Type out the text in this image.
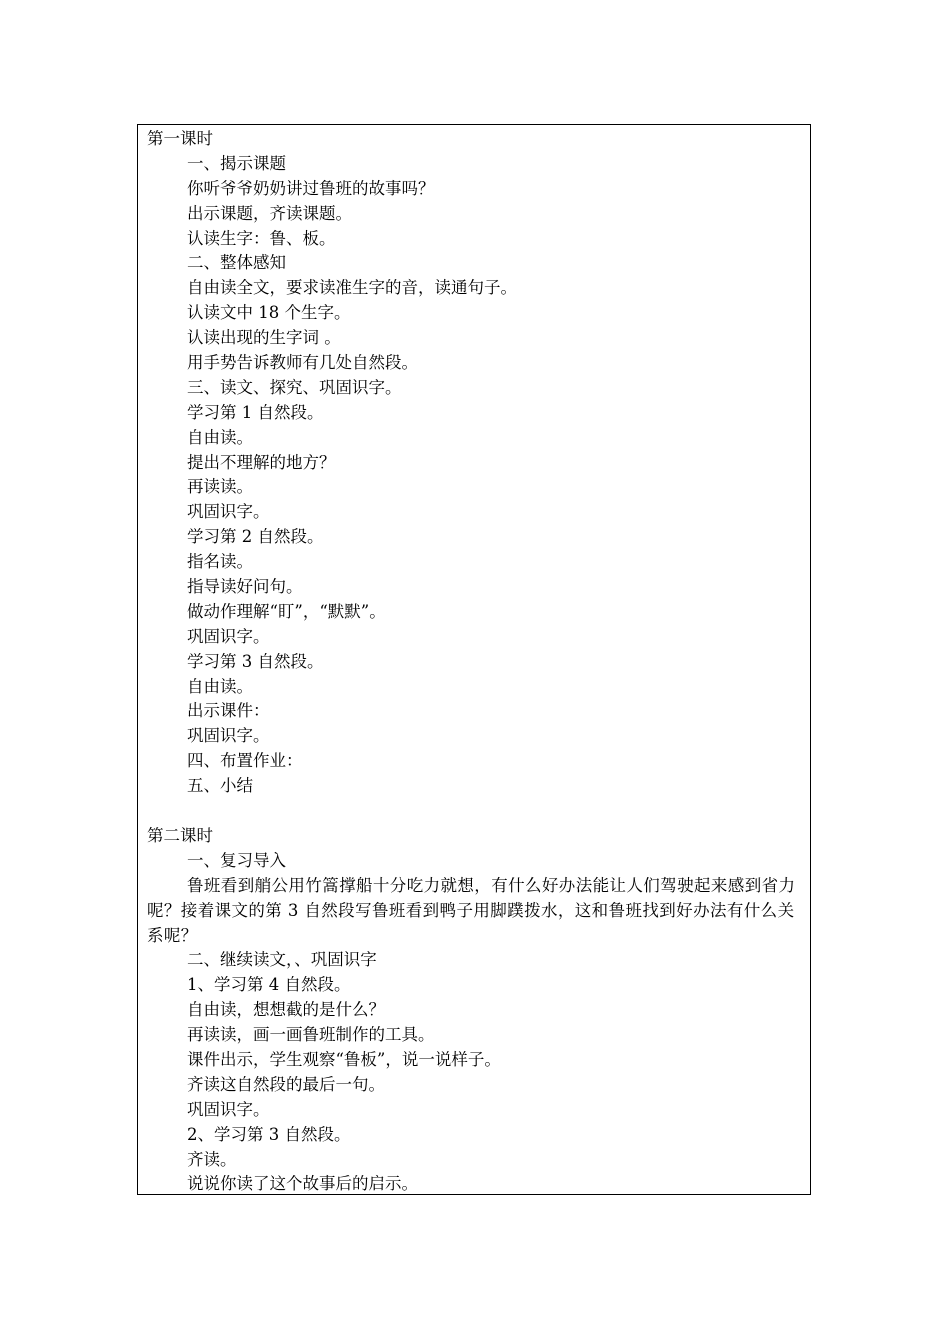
第一课时
一、揭示课题
你听爷爷奶奶讲过鲁班的故事吗？
出示课题，齐读课题。
认读生字：鲁、板。
二、整体感知
自由读全文，要求读准生字的音，读通句子。
认读文中 18 个生字。
认读出现的生字词 。
用手势告诉教师有几处自然段。
三、读文、探究、巩固识字。
学习第 1 自然段。
自由读。
提出不理解的地方？
再读读。
巩固识字。
学习第 2 自然段。
指名读。
指导读好问句。
做动作理解“盯”，“默默”。
巩固识字。
学习第 3 自然段。
自由读。
出示课件：
巩固识字。
四、布置作业：
五、小结
第二课时
一、复习导入

鲁班看到艄公用竹篙撑船十分吃力就想，有什么好办法能让人们驾驶起来感到省力呢？接着课文的第 3 自然段写鲁班看到鸭子用脚蹼拨水，这和鲁班找到好办法有什么关系呢？

二、继续读文，、巩固识字
1、学习第 4 自然段。
自由读，想想截的是什么？
再读读，画一画鲁班制作的工具。
课件出示，学生观察“鲁板”，说一说样子。
齐读这自然段的最后一句。
巩固识字。
2、学习第 3 自然段。
齐读。
说说你读了这个故事后的启示。
